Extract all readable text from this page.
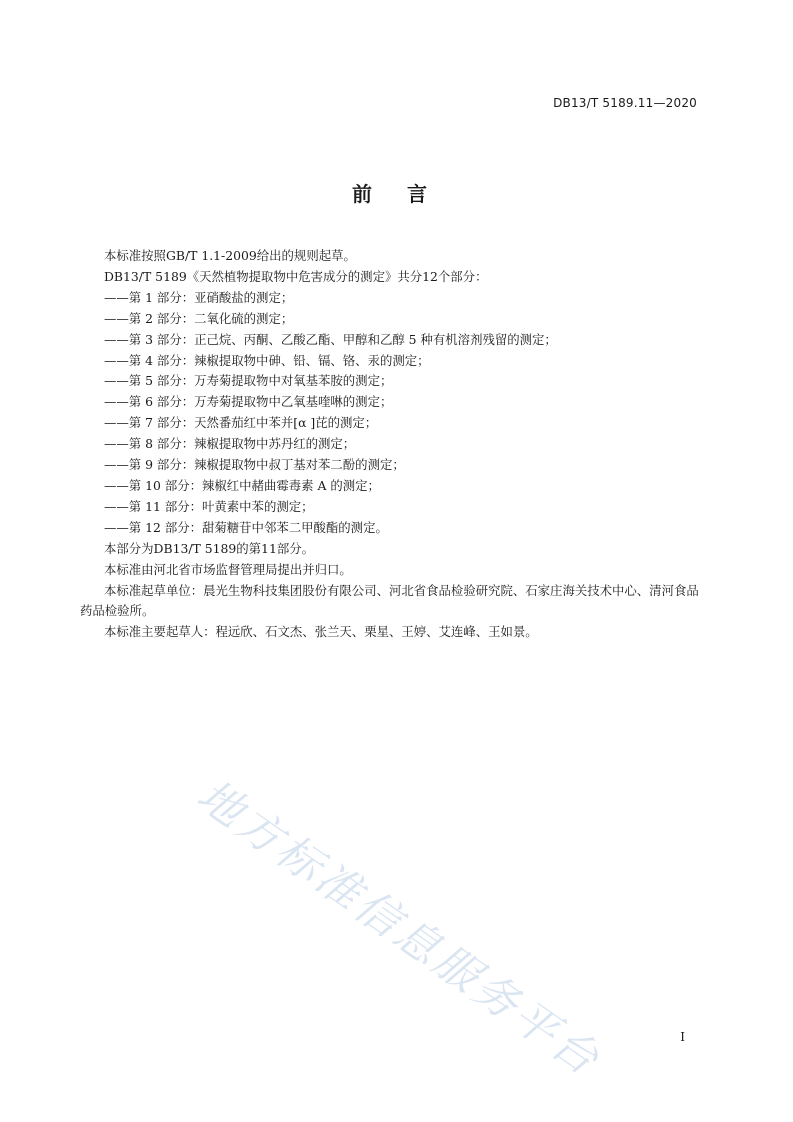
DB13/T 5189.11—2020
前 言

本标准按照GB/T 1.1-2009给出的规则起草。

DB13/T 5189《天然植物提取物中危害成分的测定》共分12个部分：

——第 1 部分：亚硝酸盐的测定；

——第 2 部分：二氧化硫的测定；

——第 3 部分：正己烷、丙酮、乙酸乙酯、甲醇和乙醇 5 种有机溶剂残留的测定；

——第 4 部分：辣椒提取物中砷、铅、镉、铬、汞的测定；

——第 5 部分：万寿菊提取物中对氧基苯胺的测定；

——第 6 部分：万寿菊提取物中乙氧基喹啉的测定；

——第 7 部分：天然番茄红中苯并[α ]芘的测定；

——第 8 部分：辣椒提取物中苏丹红的测定；

——第 9 部分：辣椒提取物中叔丁基对苯二酚的测定；

——第 10 部分：辣椒红中赭曲霉毒素 A 的测定；

——第 11 部分：叶黄素中苯的测定；

——第 12 部分：甜菊糖苷中邻苯二甲酸酯的测定。

本部分为DB13/T 5189的第11部分。

本标准由河北省市场监督管理局提出并归口。

本标准起草单位：晨光生物科技集团股份有限公司、河北省食品检验研究院、石家庄海关技术中心、清河食品药品检验所。

本标准主要起草人：程远欣、石文杰、张兰天、栗星、王婷、艾连峰、王如景。

地方标准信息服务平台	I
